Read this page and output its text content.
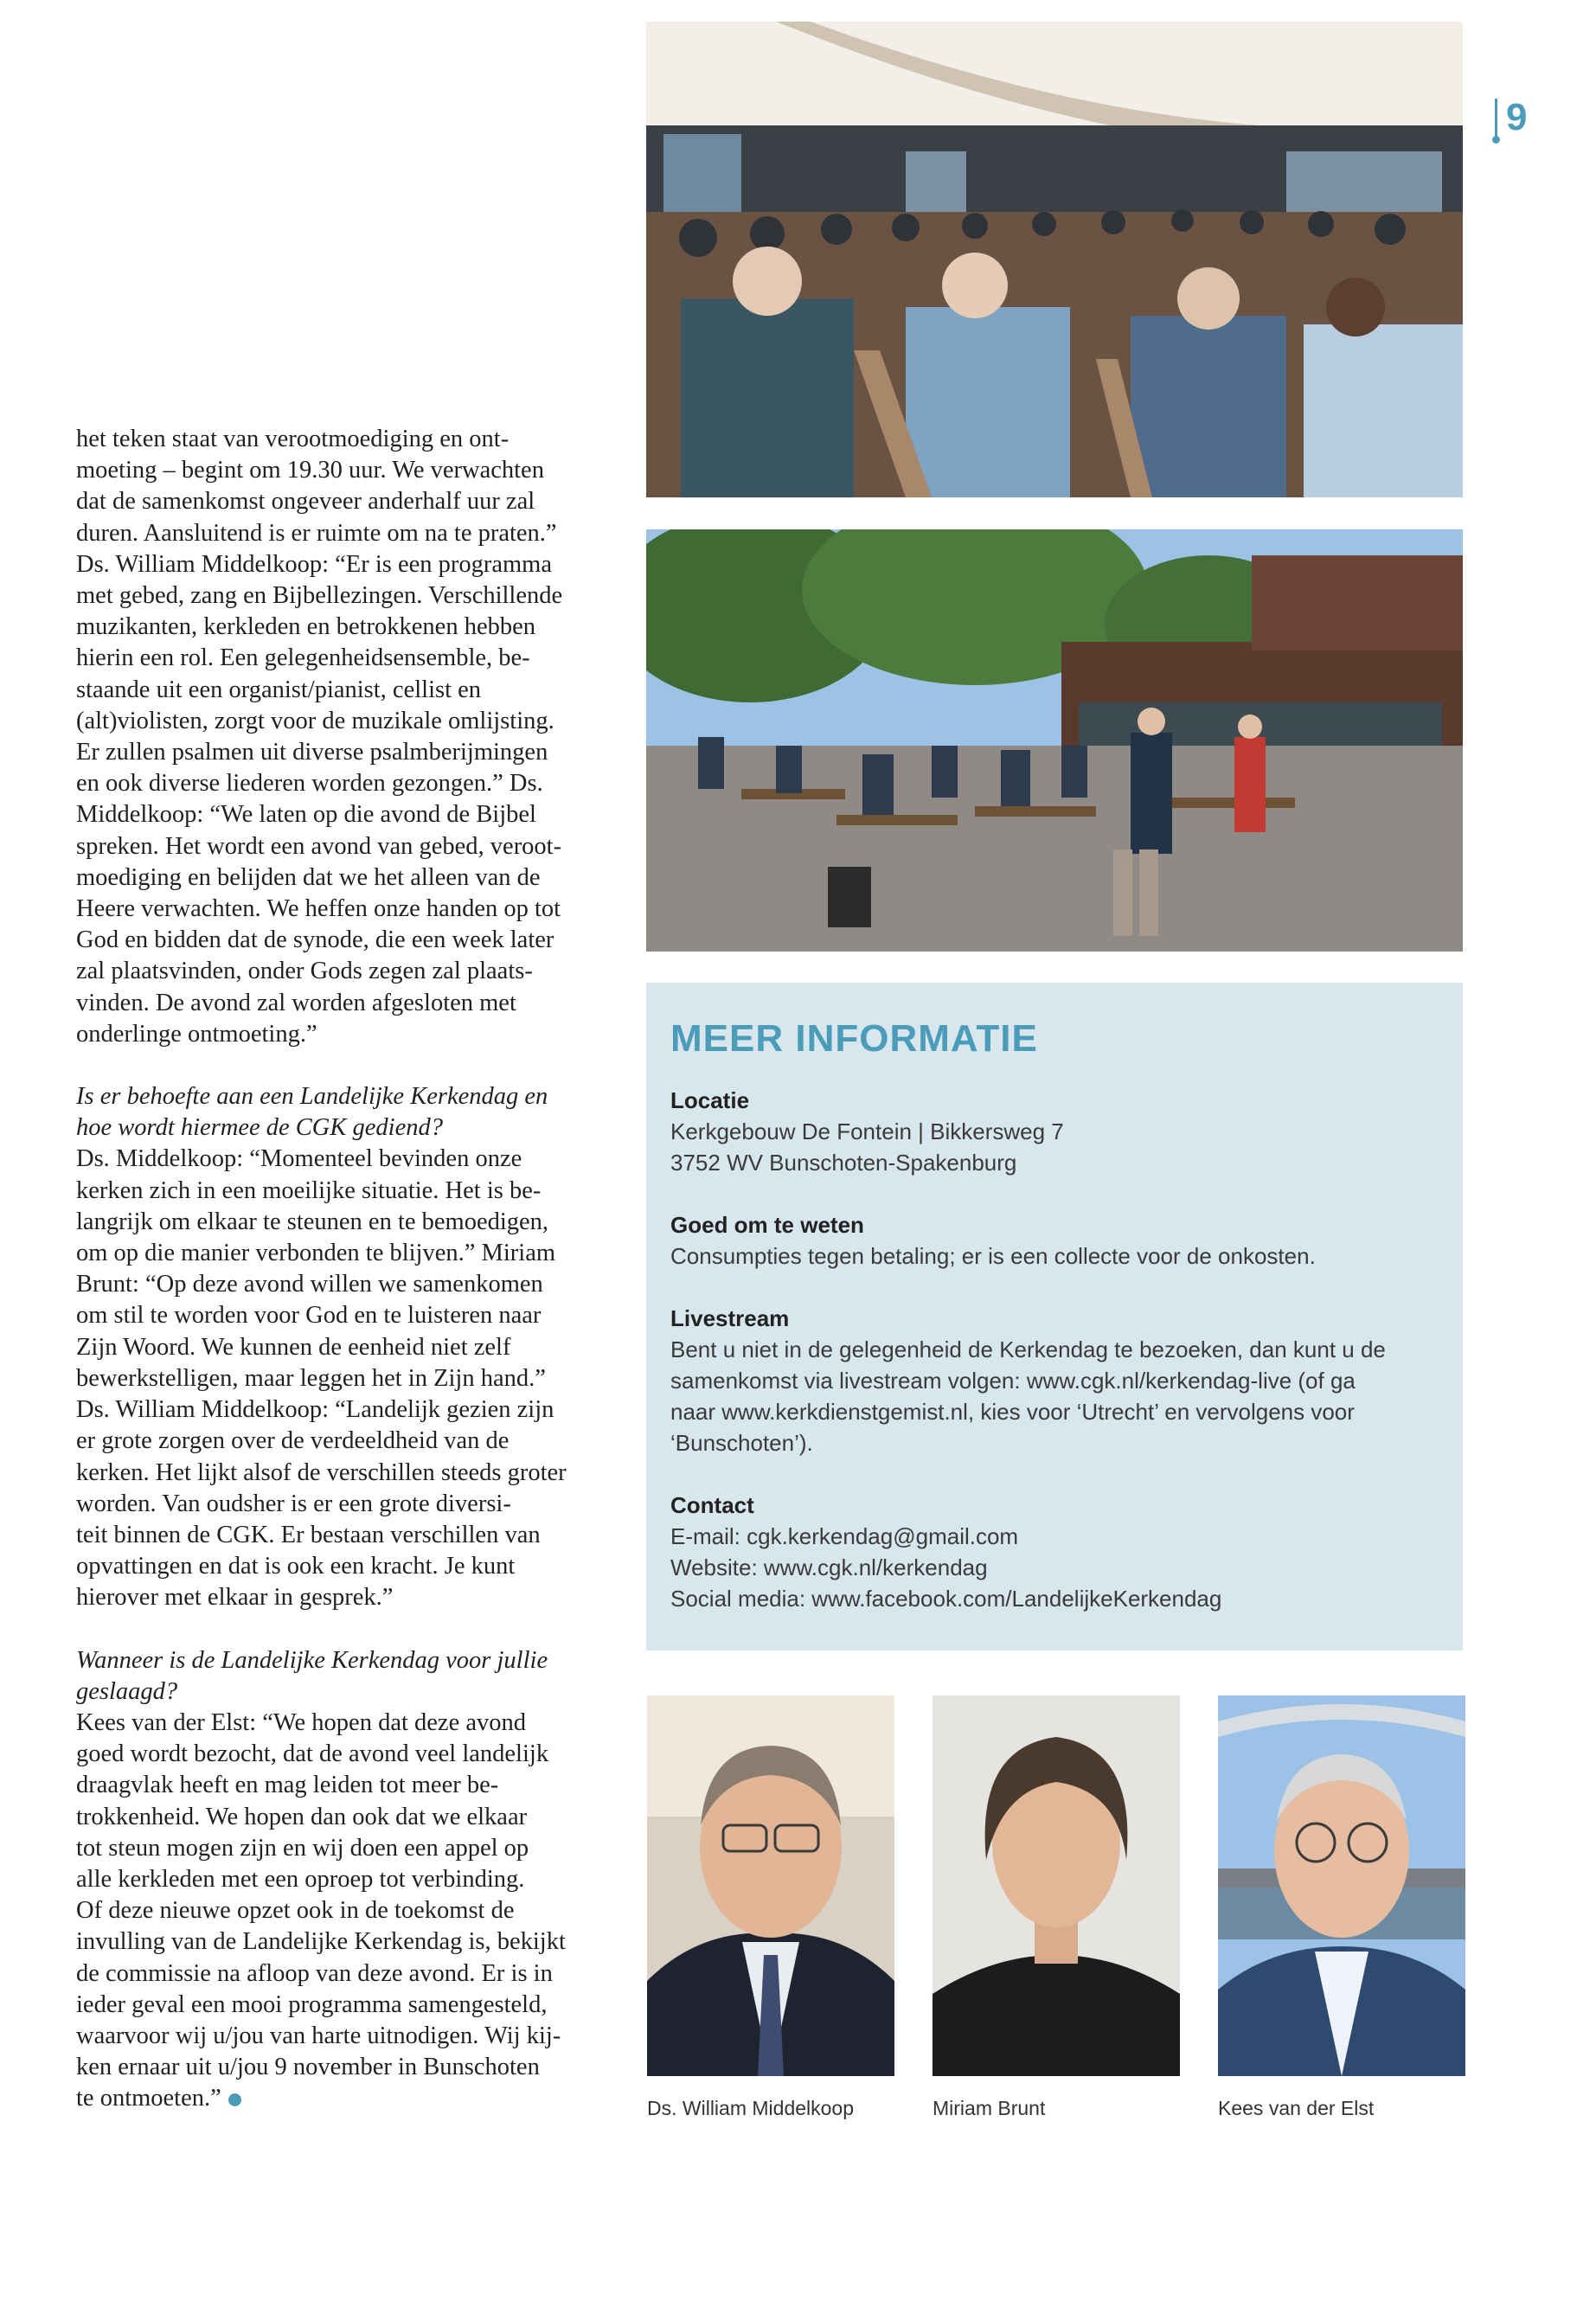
9

het teken staat van verootmoediging en ont-
moeting – begint om 19.30 uur. We verwachten
dat de samenkomst ongeveer anderhalf uur zal
duren. Aansluitend is er ruimte om na te praten.”
Ds. William Middelkoop: “Er is een programma
met gebed, zang en Bijbellezingen. Verschillende
muzikanten, kerkleden en betrokkenen hebben
hierin een rol. Een gelegenheidsensemble, be-
staande uit een organist/pianist, cellist en
(alt)violisten, zorgt voor de muzikale omlijsting.
Er zullen psalmen uit diverse psalmberijmingen
en ook diverse liederen worden gezongen.” Ds.
Middelkoop: “We laten op die avond de Bijbel
spreken. Het wordt een avond van gebed, veroot-
moediging en belijden dat we het alleen van de
Heere verwachten. We heffen onze handen op tot
God en bidden dat de synode, die een week later
zal plaatsvinden, onder Gods zegen zal plaats-
vinden. De avond zal worden afgesloten met
onderlinge ontmoeting.”

Is er behoefte aan een Landelijke Kerkendag en
hoe wordt hiermee de CGK gediend?
Ds. Middelkoop: “Momenteel bevinden onze
kerken zich in een moeilijke situatie. Het is be-
langrijk om elkaar te steunen en te bemoedigen,
om op die manier verbonden te blijven.” Miriam
Brunt: “Op deze avond willen we samenkomen
om stil te worden voor God en te luisteren naar
Zijn Woord. We kunnen de eenheid niet zelf
bewerkstelligen, maar leggen het in Zijn hand.”
Ds. William Middelkoop: “Landelijk gezien zijn
er grote zorgen over de verdeeldheid van de
kerken. Het lijkt alsof de verschillen steeds groter
worden. Van oudsher is er een grote diversi-
teit binnen de CGK. Er bestaan verschillen van
opvattingen en dat is ook een kracht. Je kunt
hierover met elkaar in gesprek.”

Wanneer is de Landelijke Kerkendag voor jullie
geslaagd?
Kees van der Elst: “We hopen dat deze avond
goed wordt bezocht, dat de avond veel landelijk
draagvlak heeft en mag leiden tot meer be-
trokkenheid. We hopen dan ook dat we elkaar
tot steun mogen zijn en wij doen een appel op
alle kerkleden met een oproep tot verbinding.
Of deze nieuwe opzet ook in de toekomst de
invulling van de Landelijke Kerkendag is, bekijkt
de commissie na afloop van deze avond. Er is in
ieder geval een mooi programma samengesteld,
waarvoor wij u/jou van harte uitnodigen. Wij kij-
ken ernaar uit u/jou 9 november in Bunschoten
te ontmoeten.”

MEER INFORMATIE
Locatie
Kerkgebouw De Fontein | Bikkersweg 7
3752 WV Bunschoten-Spakenburg
Goed om te weten
Consumpties tegen betaling; er is een collecte voor de onkosten.
Livestream
Bent u niet in de gelegenheid de Kerkendag te bezoeken, dan kunt u de
samenkomst via livestream volgen: www.cgk.nl/kerkendag-live (of ga
naar www.kerkdienstgemist.nl, kies voor ‘Utrecht’ en vervolgens voor
‘Bunschoten’).
Contact
E-mail: cgk.kerkendag@gmail.com
Website: www.cgk.nl/kerkendag
Social media: www.facebook.com/LandelijkeKerkendag
Ds. William Middelkoop	Miriam Brunt	Kees van der Elst
